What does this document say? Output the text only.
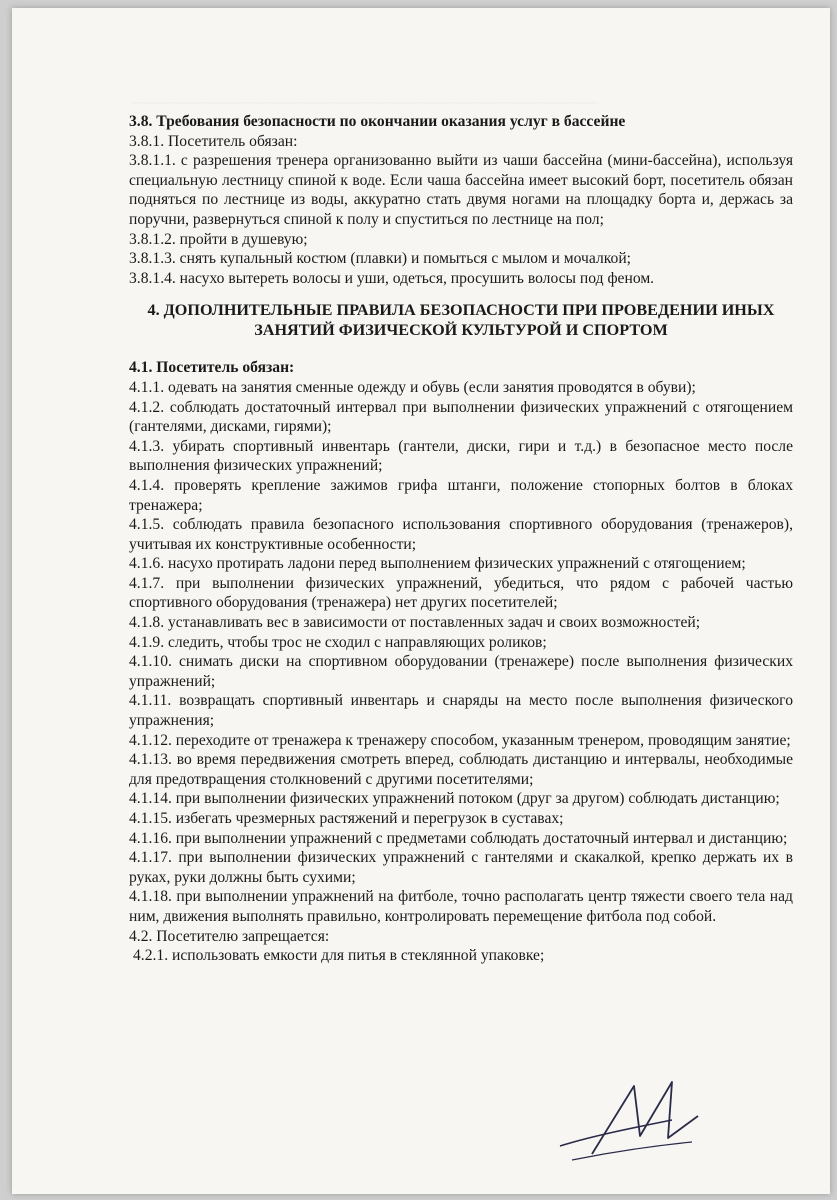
3.8. Требования безопасности по окончании оказания услуг в бассейне

3.8.1. Посетитель обязан:

3.8.1.1. с разрешения тренера организованно выйти из чаши бассейна (мини-бассейна), используя специальную лестницу спиной к воде. Если чаша бассейна имеет высокий борт, посетитель обязан подняться по лестнице из воды, аккуратно стать двумя ногами на площадку борта и, держась за поручни, развернуться спиной к полу и спуститься по лестнице на пол;

3.8.1.2. пройти в душевую;

3.8.1.3. снять купальный костюм (плавки) и помыться с мылом и мочалкой;

3.8.1.4. насухо вытереть волосы и уши, одеться, просушить волосы под феном.

4. ДОПОЛНИТЕЛЬНЫЕ ПРАВИЛА БЕЗОПАСНОСТИ ПРИ ПРОВЕДЕНИИ ИНЫХ ЗАНЯТИЙ ФИЗИЧЕСКОЙ КУЛЬТУРОЙ И СПОРТОМ

4.1. Посетитель обязан:

4.1.1. одевать на занятия сменные одежду и обувь (если занятия проводятся в обуви);

4.1.2. соблюдать достаточный интервал при выполнении физических упражнений с отягощением (гантелями, дисками, гирями);

4.1.3. убирать спортивный инвентарь (гантели, диски, гири и т.д.) в безопасное место после выполнения физических упражнений;

4.1.4. проверять крепление зажимов грифа штанги, положение стопорных болтов в блоках тренажера;

4.1.5. соблюдать правила безопасного использования спортивного оборудования (тренажеров), учитывая их конструктивные особенности;

4.1.6. насухо протирать ладони перед выполнением физических упражнений с отягощением;

4.1.7. при выполнении физических упражнений, убедиться, что рядом с рабочей частью спортивного оборудования (тренажера) нет других посетителей;

4.1.8. устанавливать вес в зависимости от поставленных задач и своих возможностей;

4.1.9. следить, чтобы трос не сходил с направляющих роликов;

4.1.10. снимать диски на спортивном оборудовании (тренажере) после выполнения физических упражнений;

4.1.11. возвращать спортивный инвентарь и снаряды на место после выполнения физического упражнения;

4.1.12. переходите от тренажера к тренажеру способом, указанным тренером, проводящим занятие;

4.1.13. во время передвижения смотреть вперед, соблюдать дистанцию и интервалы, необходимые для предотвращения столкновений с другими посетителями;

4.1.14. при выполнении физических упражнений потоком (друг за другом) соблюдать дистанцию;

4.1.15. избегать чрезмерных растяжений и перегрузок в суставах;

4.1.16. при выполнении упражнений с предметами соблюдать достаточный интервал и дистанцию;

4.1.17. при выполнении физических упражнений с гантелями и скакалкой, крепко держать их в руках, руки должны быть сухими;

4.1.18. при выполнении упражнений на фитболе, точно располагать центр тяжести своего тела над ним, движения выполнять правильно, контролировать перемещение фитбола под собой.

4.2. Посетителю запрещается:

4.2.1. использовать емкости для питья в стеклянной упаковке;
